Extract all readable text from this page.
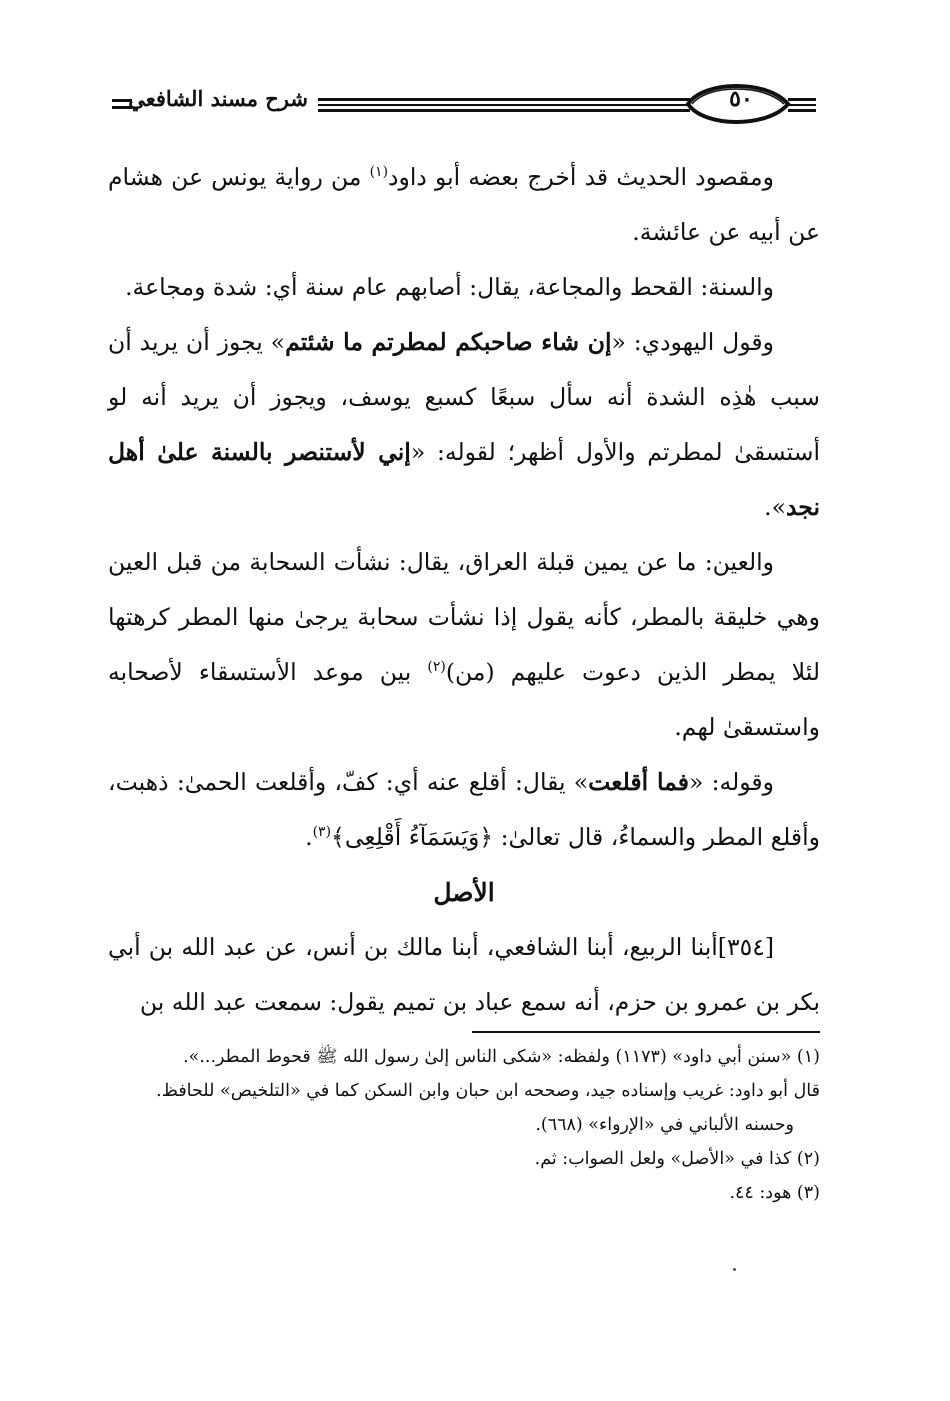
شرح مسند الشافعي	٥٠

ومقصود الحديث قد أخرج بعضه أبو داود$^{(١)}$ من رواية يونس عن هشام عن أبيه عن عائشة.

والسنة: القحط والمجاعة، يقال: أصابهم عام سنة أي: شدة ومجاعة.

وقول اليهودي: «إن شاء صاحبكم لمطرتم ما شئتم» يجوز أن يريد أن سبب هٰذِه الشدة أنه سأل سبعًا كسبع يوسف، ويجوز أن يريد أنه لو أستسقىٰ لمطرتم والأول أظهر؛ لقوله: «إني لأستنصر بالسنة علىٰ أهل نجد».

والعين: ما عن يمين قبلة العراق، يقال: نشأت السحابة من قبل العين وهي خليقة بالمطر، كأنه يقول إذا نشأت سحابة يرجىٰ منها المطر كرهتها لئلا يمطر الذين دعوت عليهم (من)$^{(٢)}$ بين موعد الأستسقاء لأصحابه واستسقىٰ لهم.

وقوله: «فما أقلعت» يقال: أقلع عنه أي: كفّ، وأقلعت الحمىٰ: ذهبت، وأقلع المطر والسماءُ، قال تعالىٰ: ﴿وَيَسَمَآءُ أَقْلِعِى﴾$^{(٣)}$.

الأصل

[٣٥٤]أبنا الربيع، أبنا الشافعي، أبنا مالك بن أنس، عن عبد الله بن أبي بكر بن عمرو بن حزم، أنه سمع عباد بن تميم يقول: سمعت عبد الله بن

(١) «سنن أبي داود» (١١٧٣) ولفظه: «شكى الناس إلىٰ رسول الله ﷺ قحوط المطر...».

قال أبو داود: غريب وإسناده جيد، وصححه ابن حبان وابن السكن كما في «التلخيص» للحافظ.

وحسنه الألباني في «الإرواء» (٦٦٨).

(٢) كذا في «الأصل» ولعل الصواب: ثم.

(٣) هود: ٤٤.
